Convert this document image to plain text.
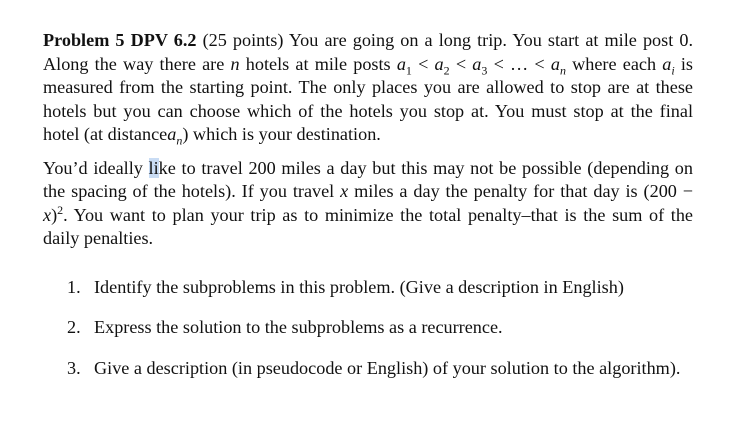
Problem 5 DPV 6.2 (25 points) You are going on a long trip. You start at mile post 0. Along the way there are n hotels at mile posts $a_1 < a_2 < a_3$ < … < $a_n$ where each $a_i$ is measured from the starting point. The only places you are allowed to stop are at these hotels but you can choose which of the hotels you stop at. You must stop at the final hotel (at distancea$_n$) which is your destination.

You’d ideally like to travel 200 miles a day but this may not be possible (depending on the spacing of the hotels). If you travel x miles a day the penalty for that day is $(200 - x)^2$. You want to plan your trip as to minimize the total penalty–that is the sum of the daily penalties.

1. Identify the subproblems in this problem. (Give a description in English)
2. Express the solution to the subproblems as a recurrence.
3. Give a description (in pseudocode or English) of your solution to the algorithm).
